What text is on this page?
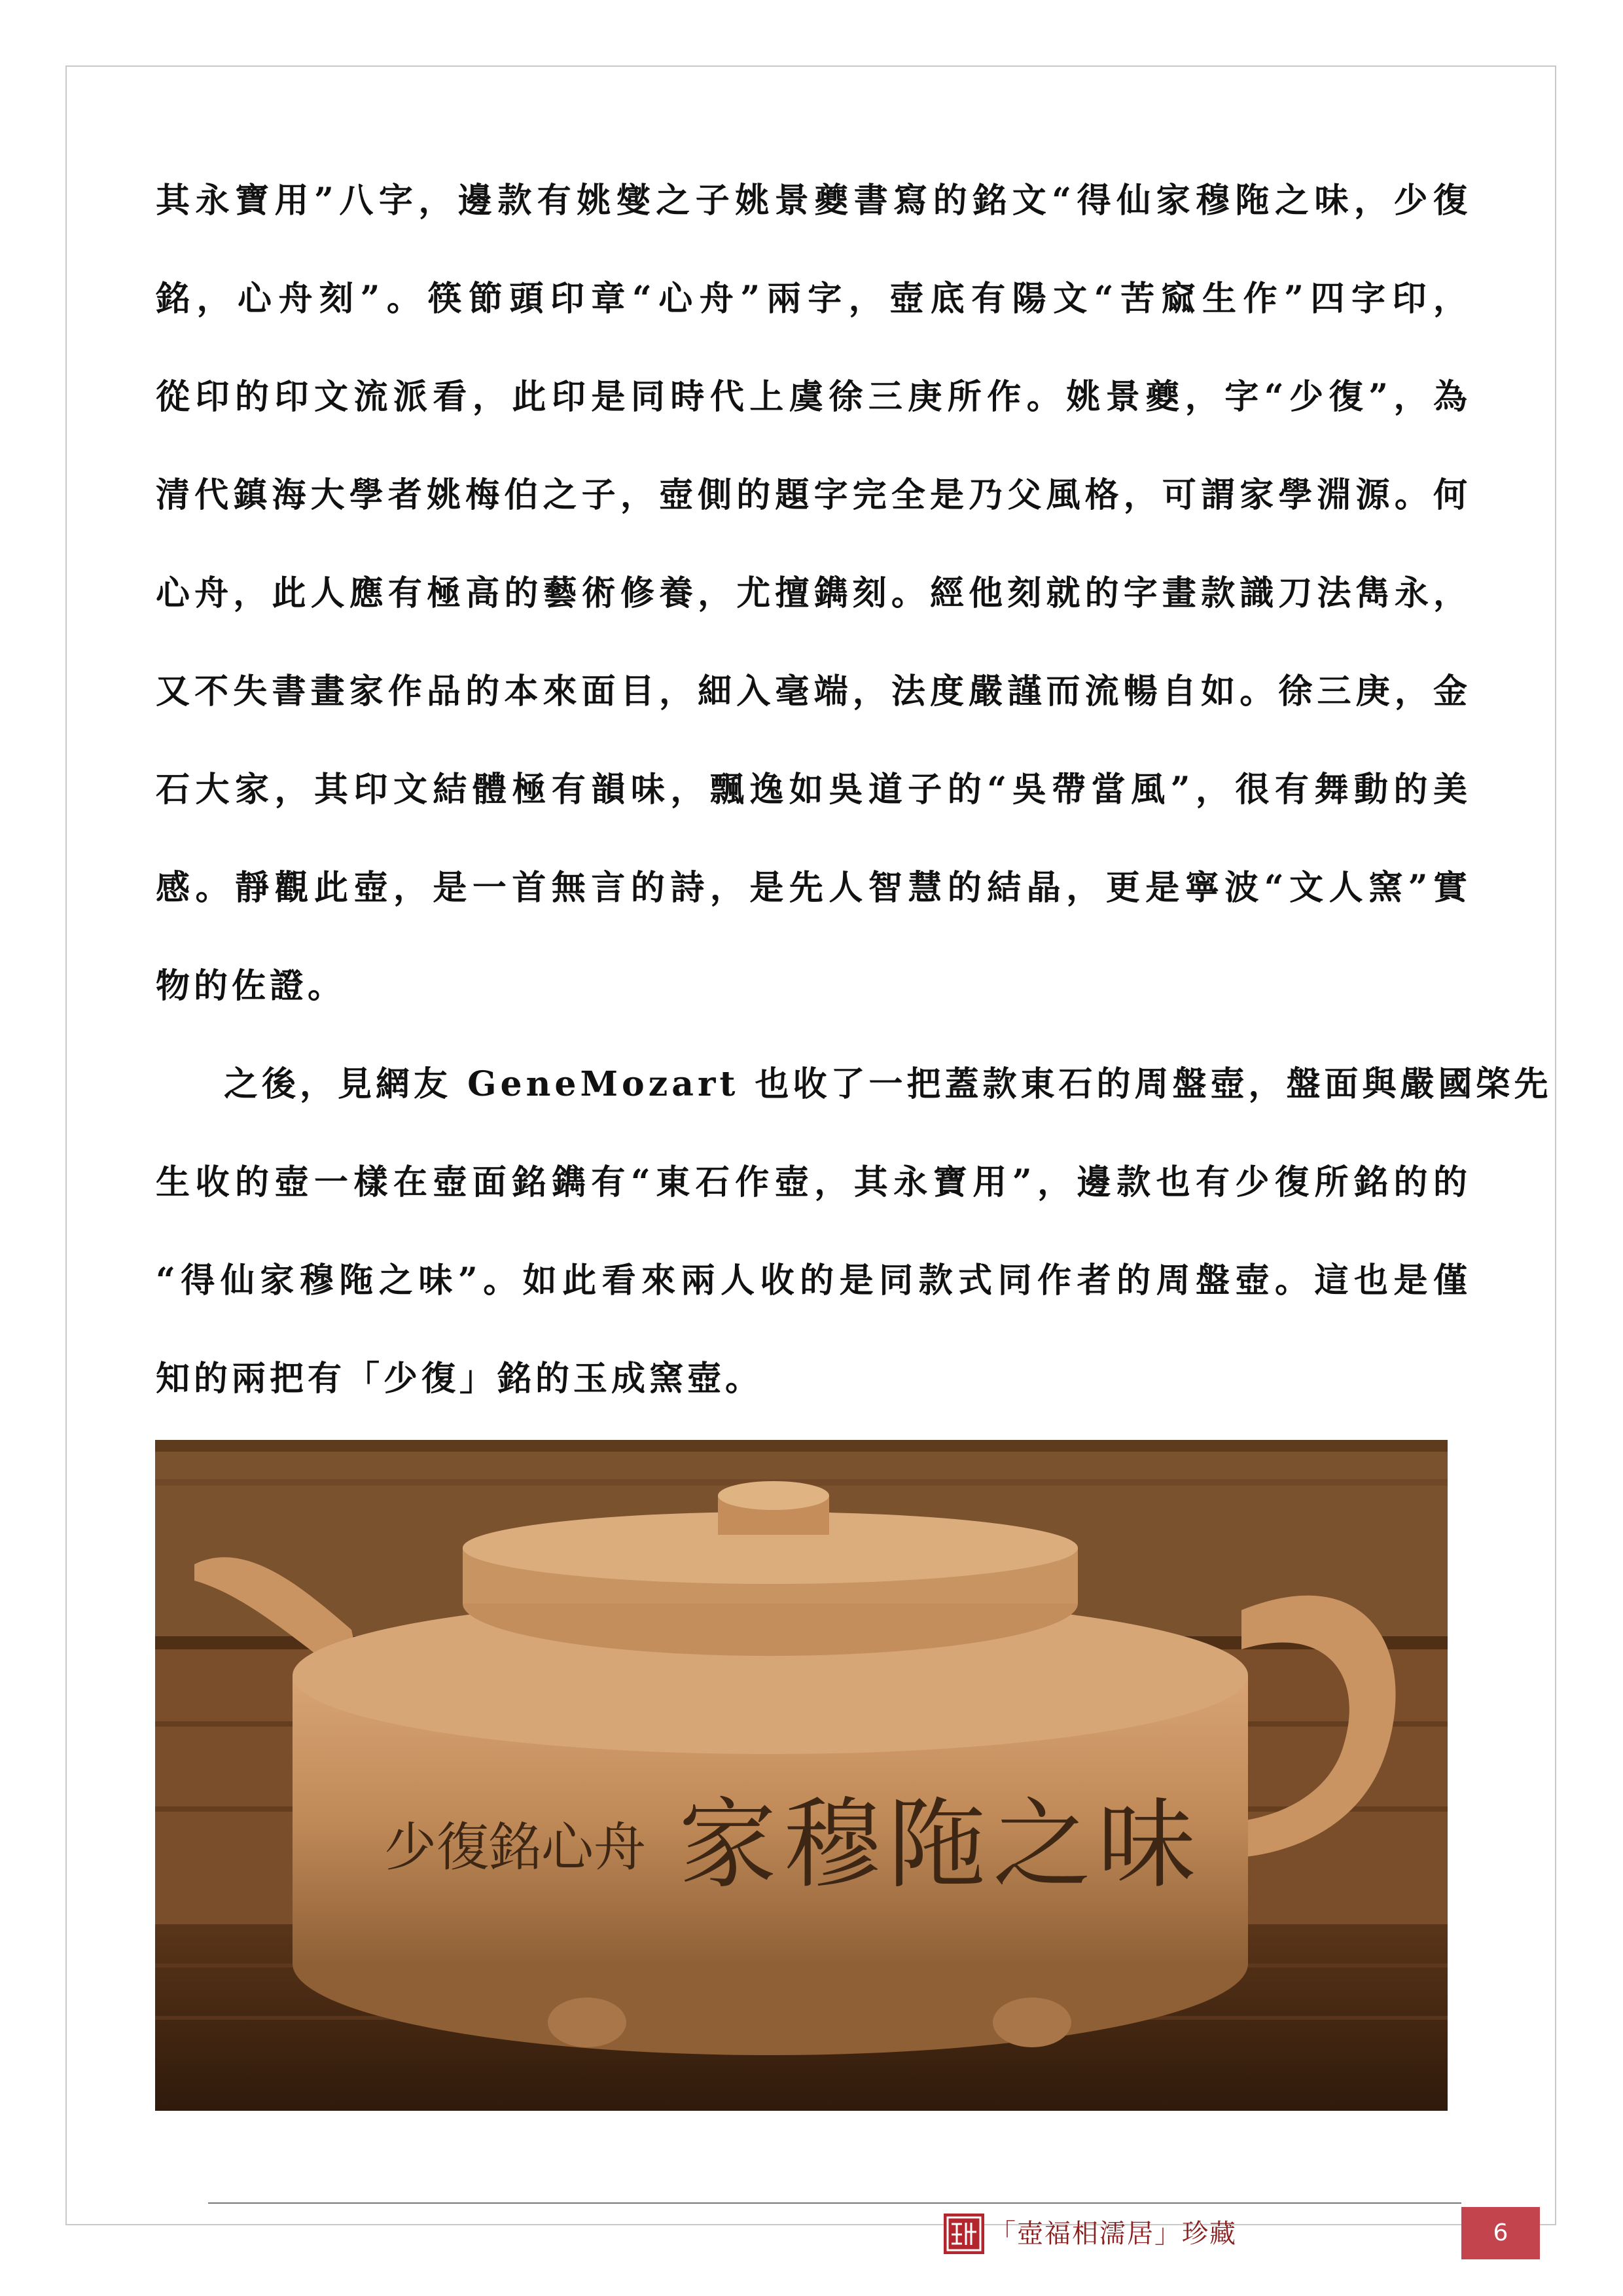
其永寶用”八字，邊款有姚燮之子姚景夔書寫的銘文“得仙家穆陁之味，少復
銘，心舟刻”。筷節頭印章“心舟”兩字，壺底有陽文“苦窳生作”四字印，
從印的印文流派看，此印是同時代上虞徐三庚所作。姚景夔，字“少復”，為
清代鎮海大學者姚梅伯之子，壺側的題字完全是乃父風格，可謂家學淵源。何
心舟，此人應有極高的藝術修養，尤擅鐫刻。經他刻就的字畫款識刀法雋永，
又不失書畫家作品的本來面目，細入毫端，法度嚴謹而流暢自如。徐三庚，金
石大家，其印文結體極有韻味，飄逸如吳道子的“吳帶當風”，很有舞動的美
感。靜觀此壺，是一首無言的詩，是先人智慧的結晶，更是寧波“文人窯”實
物的佐證。
之後，見網友 GeneMozart 也收了一把蓋款東石的周盤壺，盤面與嚴國棨先
生收的壺一樣在壺面銘鐫有“東石作壺，其永寶用”，邊款也有少復所銘的的
“得仙家穆陁之味”。如此看來兩人收的是同款式同作者的周盤壺。這也是僅
知的兩把有「少復」銘的玉成窯壺。
少復銘心舟 家穆陁之味
「壺福相濡居」珍藏	6
